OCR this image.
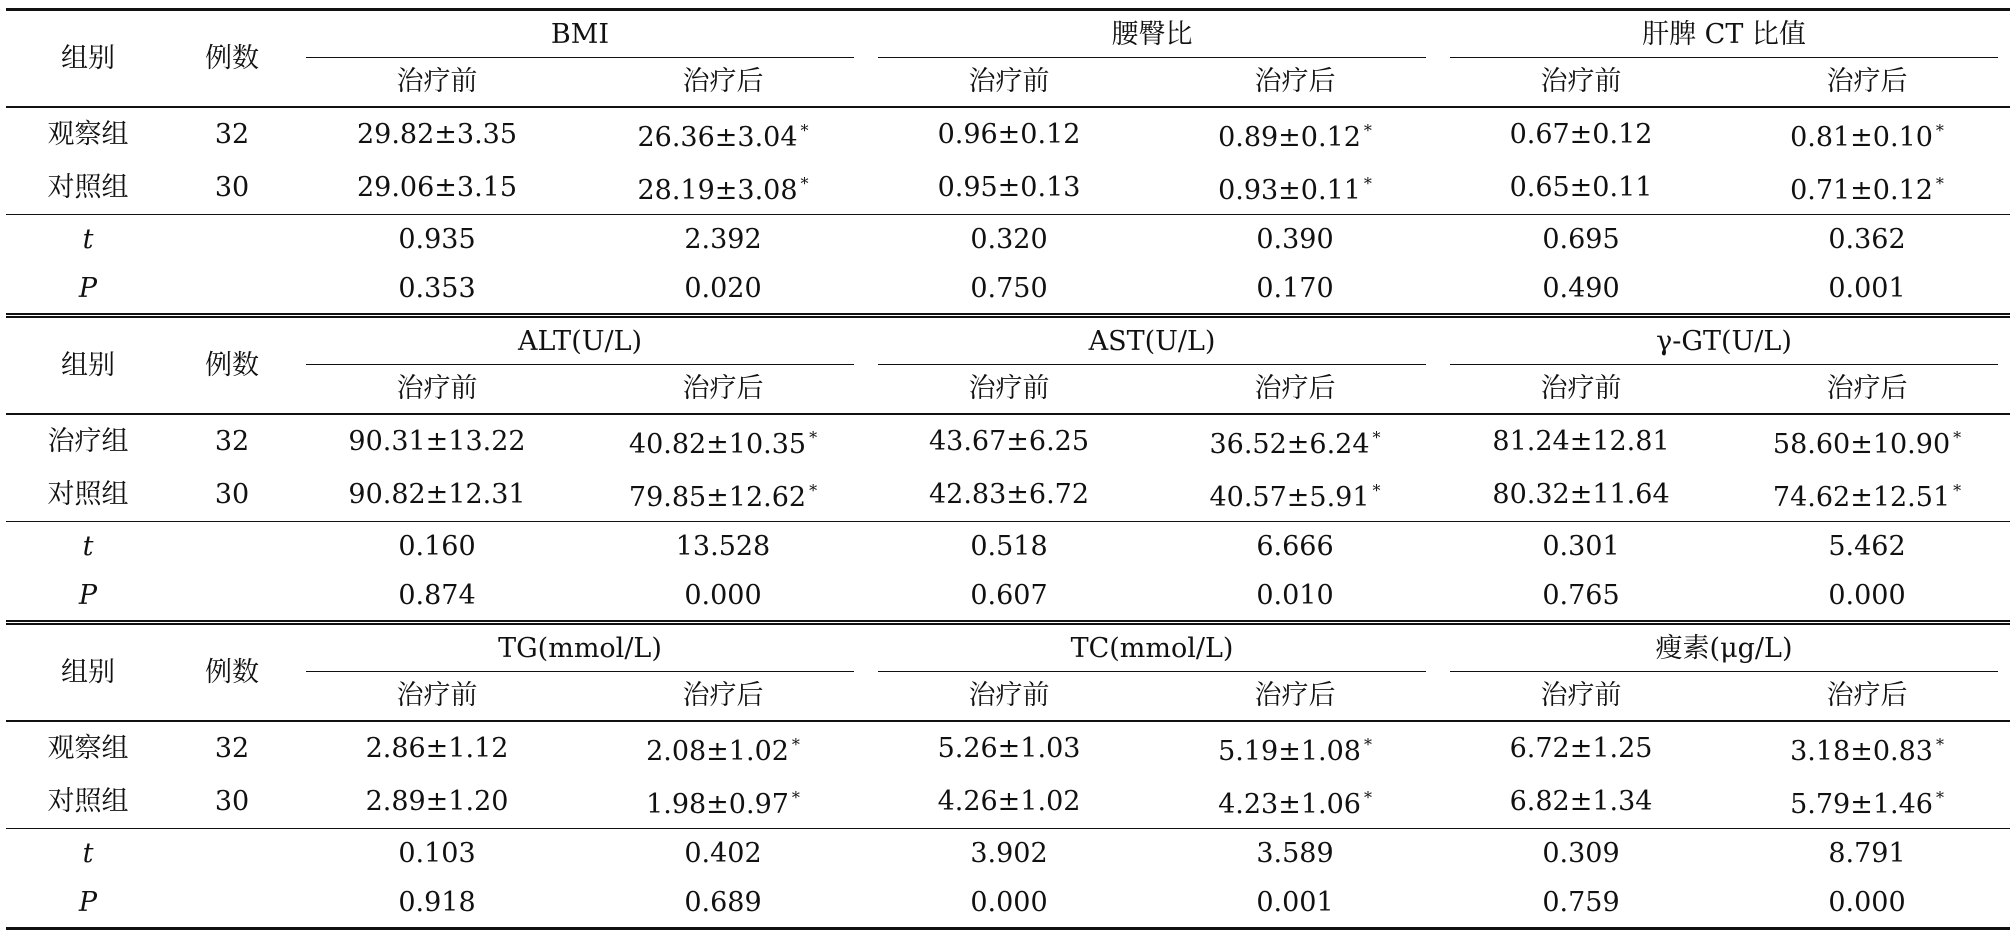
组别	例数	BMI		腰臀比		肝脾 CT 比值	
		治疗前	治疗后	治疗前	治疗后	治疗前	治疗后
观察组	32	29.82±3.35	26.36±3.04 *	0.96±0.12	0.89±0.12 *	0.67±0.12	0.81±0.10 *
对照组	30	29.06±3.15	28.19±3.08 *	0.95±0.13	0.93±0.11 *	0.65±0.11	0.71±0.12 *
t		0.935	2.392	0.320	0.390	0.695	0.362
P		0.353	0.020	0.750	0.170	0.490	0.001
组别	例数	ALT(U/L)		AST(U/L)		γ-GT(U/L)	
		治疗前	治疗后	治疗前	治疗后	治疗前	治疗后
治疗组	32	90.31±13.22	40.82±10.35 *	43.67±6.25	36.52±6.24 *	81.24±12.81	58.60±10.90 *
对照组	30	90.82±12.31	79.85±12.62 *	42.83±6.72	40.57±5.91 *	80.32±11.64	74.62±12.51 *
t		0.160	13.528	0.518	6.666	0.301	5.462
P		0.874	0.000	0.607	0.010	0.765	0.000
组别	例数	TG(mmol/L)		TC(mmol/L)		瘦素(μg/L)	
		治疗前	治疗后	治疗前	治疗后	治疗前	治疗后
观察组	32	2.86±1.12	2.08±1.02 *	5.26±1.03	5.19±1.08 *	6.72±1.25	3.18±0.83 *
对照组	30	2.89±1.20	1.98±0.97 *	4.26±1.02	4.23±1.06 *	6.82±1.34	5.79±1.46 *
t		0.103	0.402	3.902	3.589	0.309	8.791
P		0.918	0.689	0.000	0.001	0.759	0.000
